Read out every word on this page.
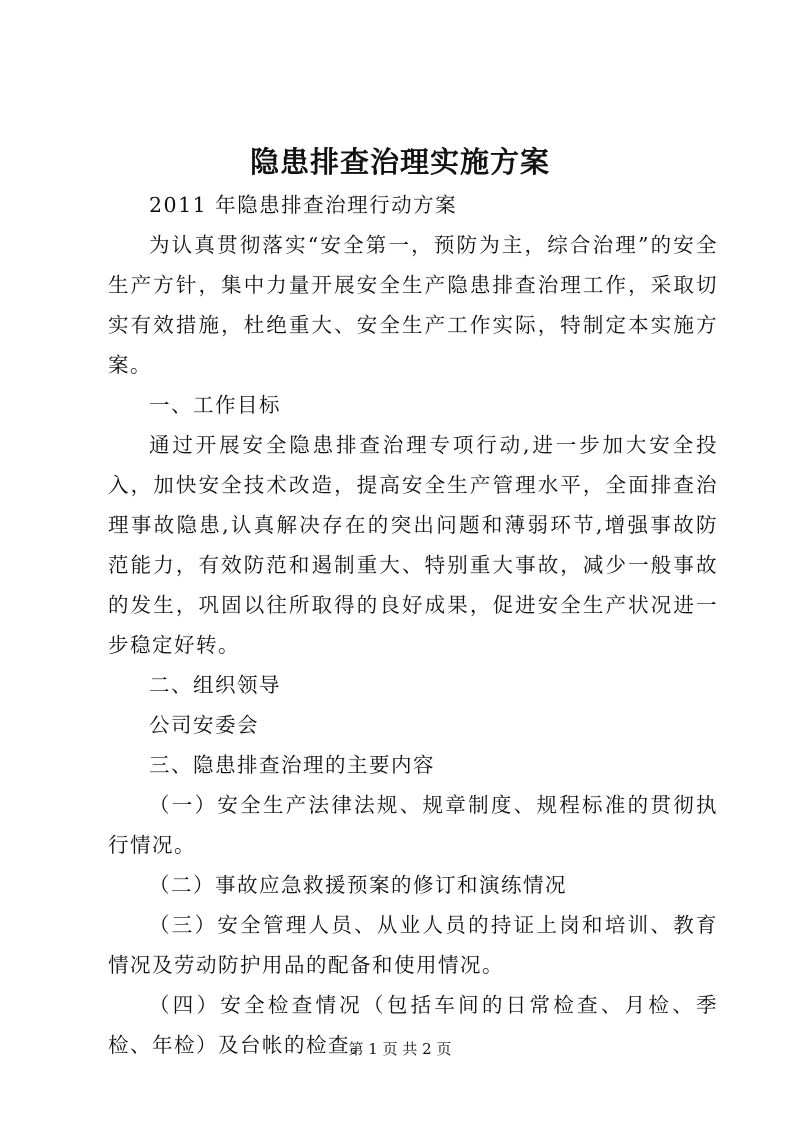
隐患排查治理实施方案

2011 年隐患排查治理行动方案

为认真贯彻落实“安全第一，预防为主，综合治理”的安全生产方针，集中力量开展安全生产隐患排查治理工作，采取切实有效措施，杜绝重大、安全生产工作实际，特制定本实施方案。

一、工作目标

通过开展安全隐患排查治理专项行动,进一步加大安全投入，加快安全技术改造，提高安全生产管理水平，全面排查治理事故隐患,认真解决存在的突出问题和薄弱环节,增强事故防范能力，有效防范和遏制重大、特别重大事故，减少一般事故的发生，巩固以往所取得的良好成果，促进安全生产状况进一步稳定好转。

二、组织领导

公司安委会

三、隐患排查治理的主要内容

（一）安全生产法律法规、规章制度、规程标准的贯彻执行情况。

（二）事故应急救援预案的修订和演练情况

（三）安全管理人员、从业人员的持证上岗和培训、教育情况及劳动防护用品的配备和使用情况。

（四）安全检查情况（包括车间的日常检查、月检、季检、年检）及台帐的检查。

第 1 页 共 2 页
